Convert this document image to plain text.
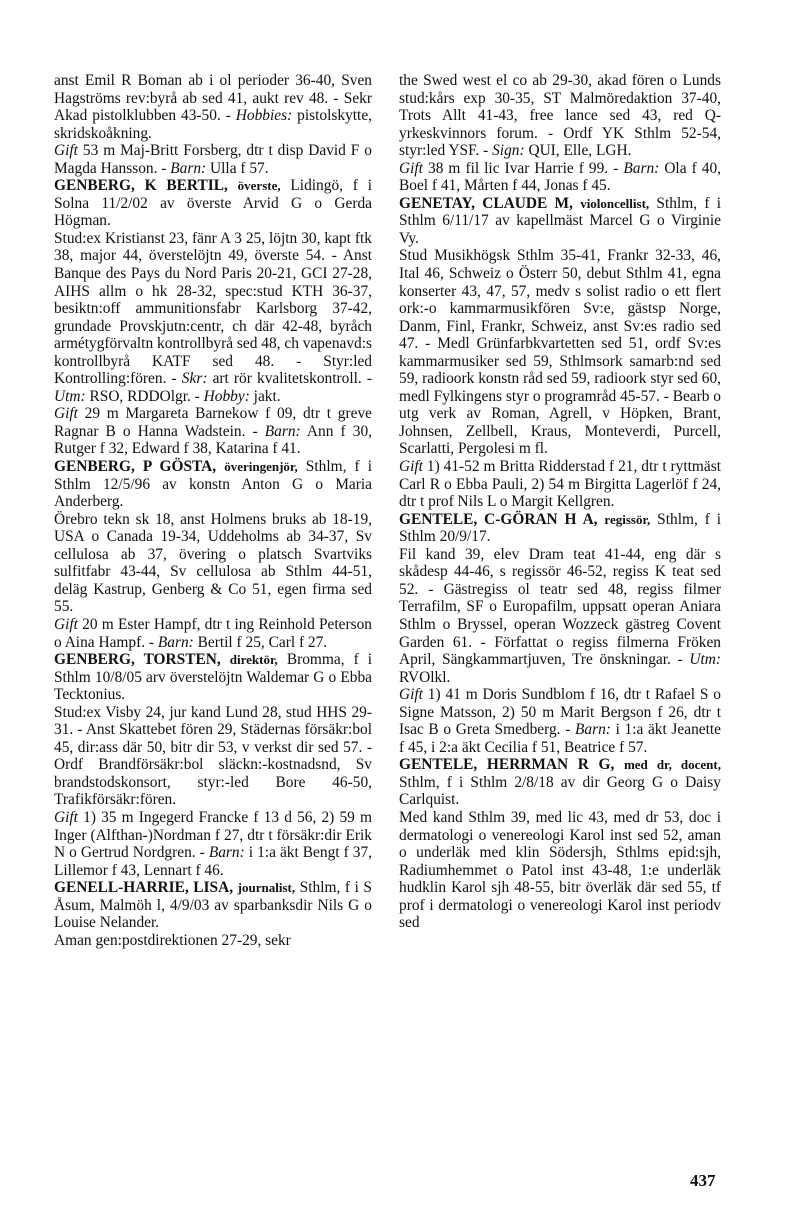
anst Emil R Boman ab i ol perioder 36-40, Sven Hagströms rev:byrå ab sed 41, aukt rev 48. - Sekr Akad pistolklubben 43-50. - Hobbies: pistolskytte, skridskoåkning.

Gift 53 m Maj-Britt Forsberg, dtr t disp David F o Magda Hansson. - Barn: Ulla f 57.

GENBERG, K BERTIL, överste, Lidingö, f i Solna 11/2/02 av överste Arvid G o Gerda Högman.

Stud:ex Kristianst 23, fänr A 3 25, löjtn 30, kapt ftk 38, major 44, överstelöjtn 49, överste 54. - Anst Banque des Pays du Nord Paris 20-21, GCI 27-28, AIHS allm o hk 28-32, spec:stud KTH 36-37, besiktn:off ammunitionsfabr Karlsborg 37-42, grundade Provskjutn:centr, ch där 42-48, byråch armétygförvaltn kontrollbyrå sed 48, ch vapenavd:s kontrollbyrå KATF sed 48. - Styr:led Kontrolling:fören. - Skr: art rör kvalitetskontroll. - Utm: RSO, RDDOlgr. - Hobby: jakt.

Gift 29 m Margareta Barnekow f 09, dtr t greve Ragnar B o Hanna Wadstein. - Barn: Ann f 30, Rutger f 32, Edward f 38, Katarina f 41.

GENBERG, P GÖSTA, överingenjör, Sthlm, f i Sthlm 12/5/96 av konstn Anton G o Maria Anderberg.

Örebro tekn sk 18, anst Holmens bruks ab 18-19, USA o Canada 19-34, Uddeholms ab 34-37, Sv cellulosa ab 37, övering o platsch Svartviks sulfitfabr 43-44, Sv cellulosa ab Sthlm 44-51, deläg Kastrup, Genberg & Co 51, egen firma sed 55.

Gift 20 m Ester Hampf, dtr t ing Reinhold Peterson o Aina Hampf. - Barn: Bertil f 25, Carl f 27.

GENBERG, TORSTEN, direktör, Bromma, f i Sthlm 10/8/05 arv överstelöjtn Waldemar G o Ebba Tecktonius.

Stud:ex Visby 24, jur kand Lund 28, stud HHS 29-31. - Anst Skattebet fören 29, Städernas försäkr:bol 45, dir:ass där 50, bitr dir 53, v verkst dir sed 57. - Ordf Brandförsäkr:bol släckn:-kostnadsnd, Sv brandstodskonsort, styr:-led Bore 46-50, Trafikförsäkr:fören.

Gift 1) 35 m Ingegerd Francke f 13 d 56, 2) 59 m Inger (Alfthan-)Nordman f 27, dtr t försäkr:dir Erik N o Gertrud Nordgren. - Barn: i 1:a äkt Bengt f 37, Lillemor f 43, Lennart f 46.

GENELL-HARRIE, LISA, journalist, Sthlm, f i S Åsum, Malmöh l, 4/9/03 av sparbanksdir Nils G o Louise Nelander.

Aman gen:postdirektionen 27-29, sekr

the Swed west el co ab 29-30, akad fören o Lunds stud:kårs exp 30-35, ST Malmöredaktion 37-40, Trots Allt 41-43, free lance sed 43, red Q-yrkeskvinnors forum. - Ordf YK Sthlm 52-54, styr:led YSF. - Sign: QUI, Elle, LGH.

Gift 38 m fil lic Ivar Harrie f 99. - Barn: Ola f 40, Boel f 41, Mårten f 44, Jonas f 45.

GENETAY, CLAUDE M, violoncellist, Sthlm, f i Sthlm 6/11/17 av kapellmäst Marcel G o Virginie Vy.

Stud Musikhögsk Sthlm 35-41, Frankr 32-33, 46, Ital 46, Schweiz o Österr 50, debut Sthlm 41, egna konserter 43, 47, 57, medv s solist radio o ett flert ork:-o kammarmusikfören Sv:e, gästsp Norge, Danm, Finl, Frankr, Schweiz, anst Sv:es radio sed 47. - Medl Grünfarbkvartetten sed 51, ordf Sv:es kammarmusiker sed 59, Sthlmsork samarb:nd sed 59, radioork konstn råd sed 59, radioork styr sed 60, medl Fylkingens styr o programråd 45-57. - Bearb o utg verk av Roman, Agrell, v Höpken, Brant, Johnsen, Zellbell, Kraus, Monteverdi, Purcell, Scarlatti, Pergolesi m fl.

Gift 1) 41-52 m Britta Ridderstad f 21, dtr t ryttmäst Carl R o Ebba Pauli, 2) 54 m Birgitta Lagerlöf f 24, dtr t prof Nils L o Margit Kellgren.

GENTELE, C-GÖRAN H A, regissör, Sthlm, f i Sthlm 20/9/17.

Fil kand 39, elev Dram teat 41-44, eng där s skådesp 44-46, s regissör 46-52, regiss K teat sed 52. - Gästregiss ol teatr sed 48, regiss filmer Terrafilm, SF o Europafilm, uppsatt operan Aniara Sthlm o Bryssel, operan Wozzeck gästreg Covent Garden 61. - Författat o regiss filmerna Fröken April, Sängkammartjuven, Tre önskningar. - Utm: RVOlkl.

Gift 1) 41 m Doris Sundblom f 16, dtr t Rafael S o Signe Matsson, 2) 50 m Marit Bergson f 26, dtr t Isac B o Greta Smedberg. - Barn: i 1:a äkt Jeanette f 45, i 2:a äkt Cecilia f 51, Beatrice f 57.

GENTELE, HERRMAN R G, med dr, docent, Sthlm, f i Sthlm 2/8/18 av dir Georg G o Daisy Carlquist.

Med kand Sthlm 39, med lic 43, med dr 53, doc i dermatologi o venereologi Karol inst sed 52, aman o underläk med klin Södersjh, Sthlms epid:sjh, Radiumhemmet o Patol inst 43-48, 1:e underläk hudklin Karol sjh 48-55, bitr överläk där sed 55, tf prof i dermatologi o venereologi Karol inst periodv sed

437
